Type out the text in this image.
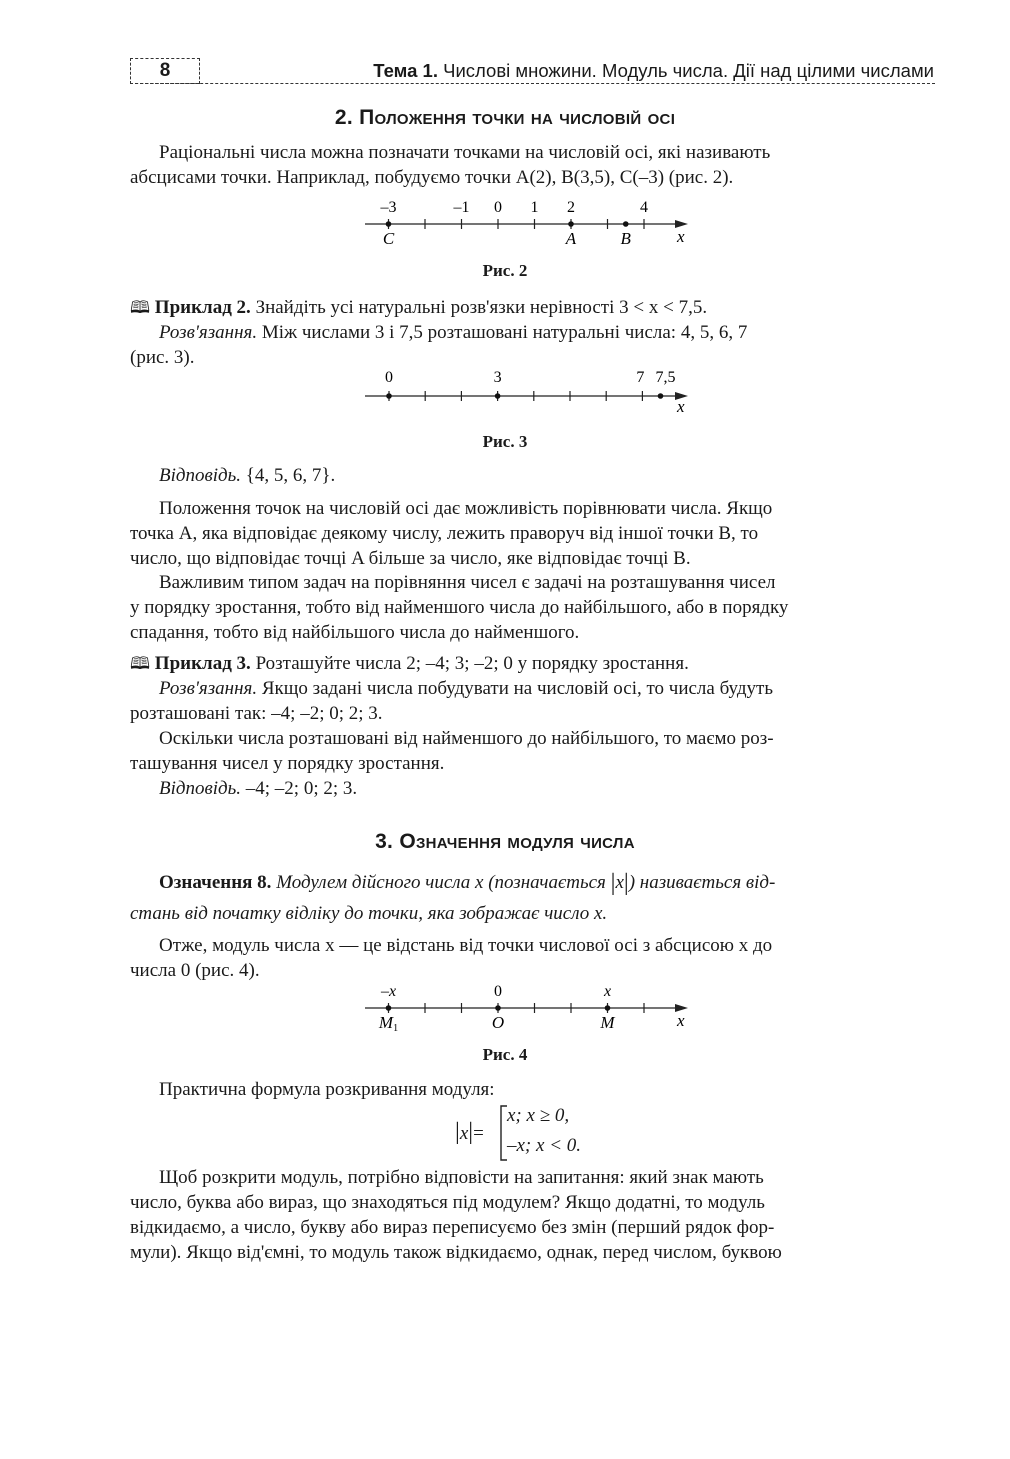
8	Тема 1. Числові множини. Модуль числа. Дії над цілими числами
2. Положення точки на числовій осі
Раціональні числа можна позначати точками на числовій осі, які називають
абсцисами точки. Наприклад, побудуємо точки A(2), B(3,5), C(–3) (рис. 2).
–3	–1 0 1 2	4
C	A	B	x
Рис. 2
🕮 Приклад 2. Знайдіть усі натуральні розв'язки нерівності 3 < x < 7,5.
Розв'язання. Між числами 3 і 7,5 розташовані натуральні числа: 4, 5, 6, 7
(рис. 3).
0	3	7 7,5
x
Рис. 3
Відповідь. {4, 5, 6, 7}.
Положення точок на числовій осі дає можливість порівнювати числа. Якщо
точка A, яка відповідає деякому числу, лежить праворуч від іншої точки B, то
число, що відповідає точці A більше за число, яке відповідає точці B.
Важливим типом задач на порівняння чисел є задачі на розташування чисел
у порядку зростання, тобто від найменшого числа до найбільшого, або в порядку
спадання, тобто від найбільшого числа до найменшого.
🕮 Приклад 3. Розташуйте числа 2; –4; 3; –2; 0 у порядку зростання.
Розв'язання. Якщо задані числа побудувати на числовій осі, то числа будуть
розташовані так: –4; –2; 0; 2; 3.
Оскільки числа розташовані від найменшого до найбільшого, то маємо роз-
ташування чисел у порядку зростання.
Відповідь. –4; –2; 0; 2; 3.
3. Означення модуля числа
Означення 8. Модулем дійсного числа x (позначається |x|) називається від-
стань від початку відліку до точки, яка зображає число x.
Отже, модуль числа x — це відстань від точки числової осі з абсцисою x до
числа 0 (рис. 4).
–x	0	x
M1	O	M	x
Рис. 4
Практична формула розкривання модуля:
|x|=
x; x ≥ 0,
–x; x < 0.
Щоб розкрити модуль, потрібно відповісти на запитання: який знак мають
число, буква або вираз, що знаходяться під модулем? Якщо додатні, то модуль
відкидаємо, а число, букву або вираз переписуємо без змін (перший рядок фор-
мули). Якщо від'ємні, то модуль також відкидаємо, однак, перед числом, буквою
